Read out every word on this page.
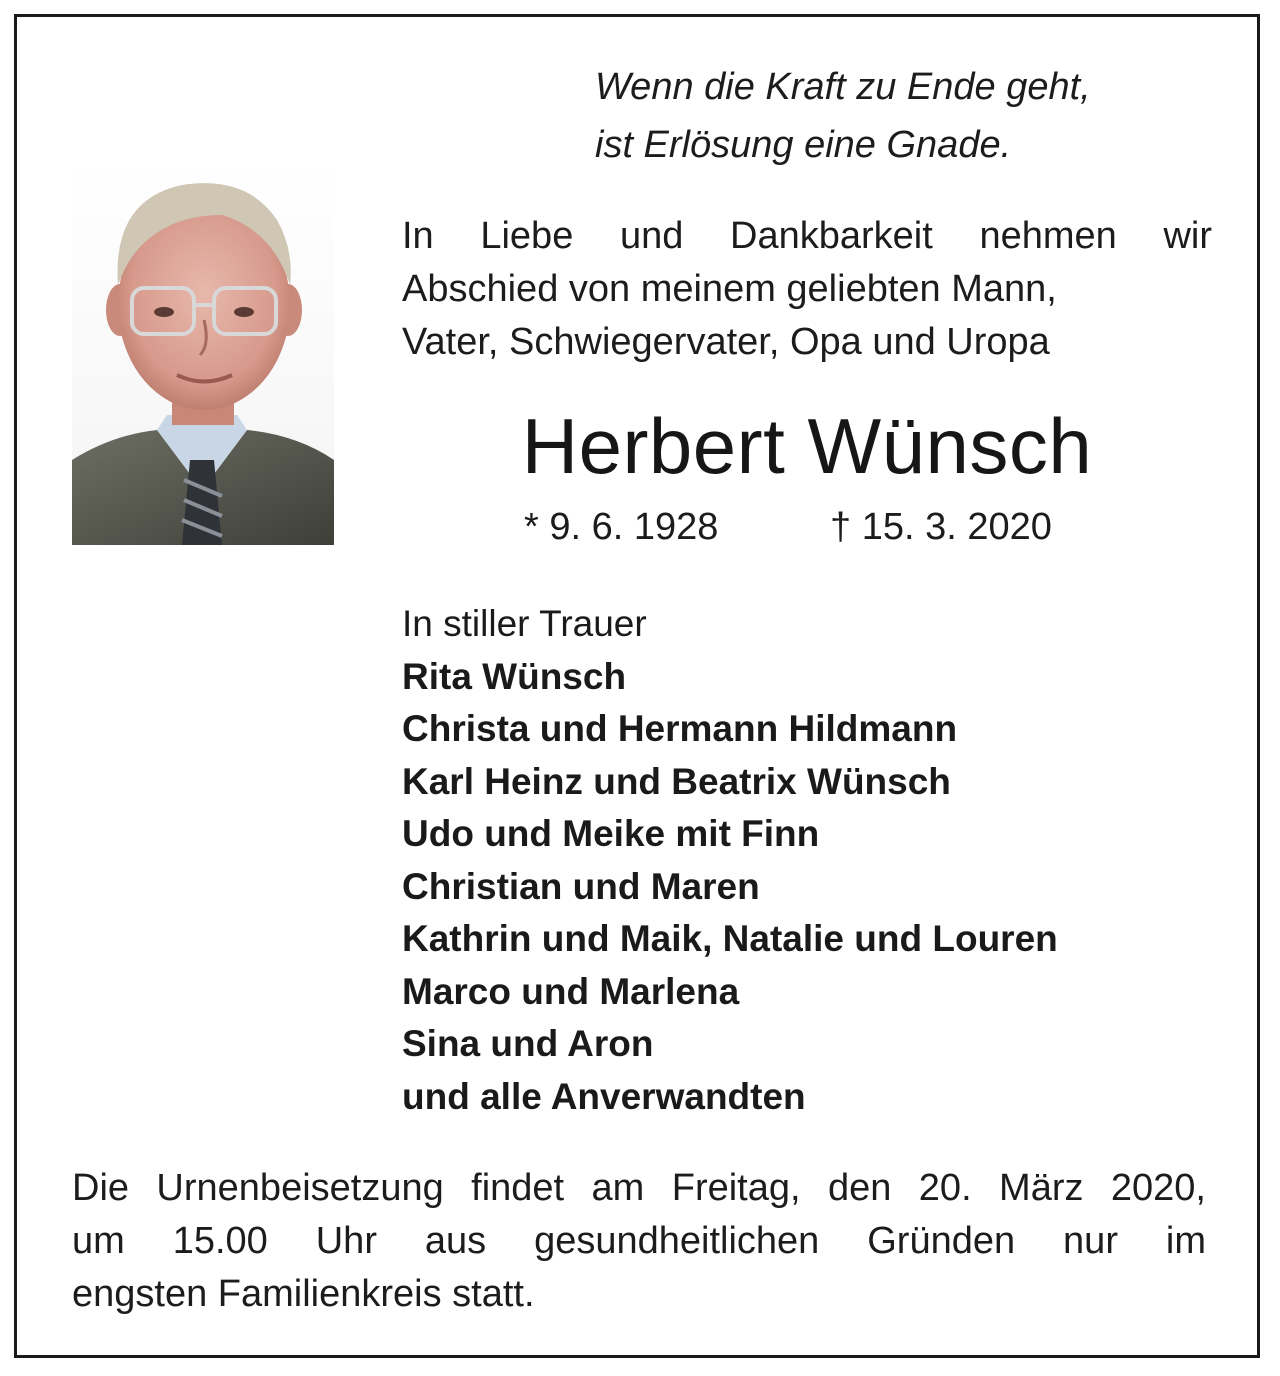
Wenn die Kraft zu Ende geht,
ist Erlösung eine Gnade.
In Liebe und Dankbarkeit nehmen wir
Abschied von meinem geliebten Mann,
Vater, Schwiegervater, Opa und Uropa
Herbert Wünsch
* 9. 6. 1928	† 15. 3. 2020
In stiller Trauer
Rita Wünsch
Christa und Hermann Hildmann
Karl Heinz und Beatrix Wünsch
Udo und Meike mit Finn
Christian und Maren
Kathrin und Maik, Natalie und Louren
Marco und Marlena
Sina und Aron
und alle Anverwandten
Die Urnenbeisetzung findet am Freitag, den 20. März 2020,
um 15.00 Uhr aus gesundheitlichen Gründen nur im
engsten Familienkreis statt.
